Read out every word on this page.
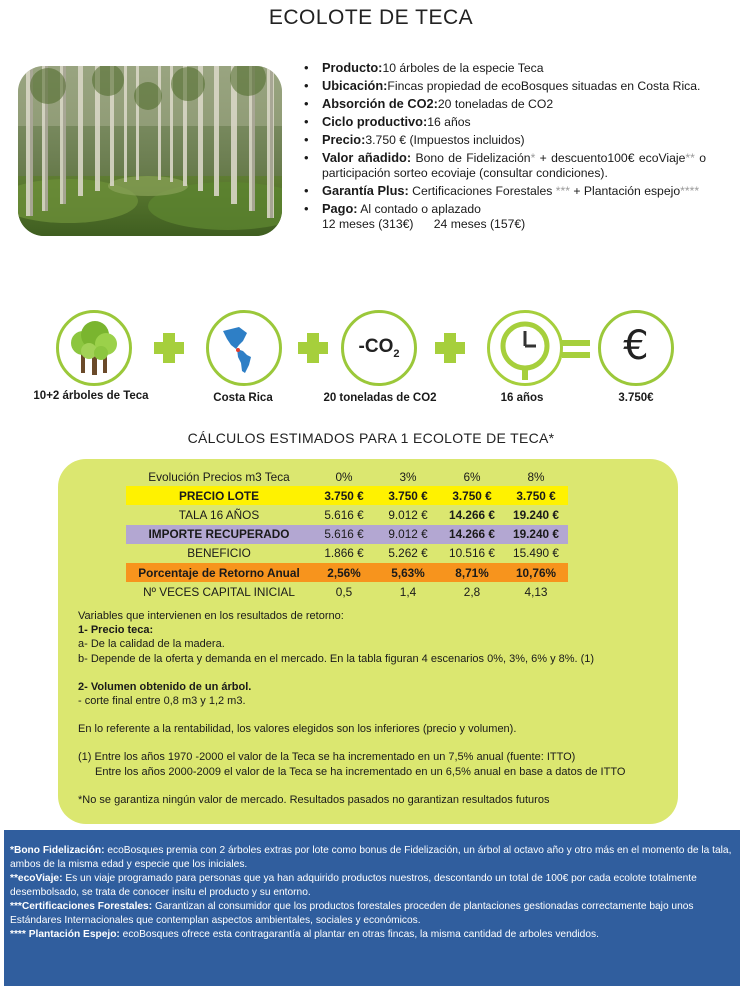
ECOLOTE DE TECA
• Producto:10 árboles de la especie Teca
• Ubicación:Fincas propiedad de ecoBosques situadas en Costa Rica.
• Absorción de CO2:20 toneladas de CO2
• Ciclo productivo:16 años
• Precio:3.750 € (Impuestos incluidos)
• Valor añadido: Bono de Fidelización* + descuento100€ ecoViaje** o participación sorteo ecoviaje (consultar condiciones).
• Garantía Plus: Certificaciones Forestales *** + Plantación espejo****
• Pago: Al contado o aplazado
12 meses (313€)      24 meses (157€)
$-CO_2$	€
10+2 árboles de Teca	Costa Rica	20 toneladas de CO2	16 años	3.750€
CÁLCULOS ESTIMADOS PARA 1 ECOLOTE DE TECA*
Evolución Precios m3 Teca	0%	3%	6%	8%
PRECIO LOTE	3.750 €	3.750 €	3.750 €	3.750 €
TALA 16 AÑOS	5.616 €	9.012 €	14.266 €	19.240 €
IMPORTE RECUPERADO	5.616 €	9.012 €	14.266 €	19.240 €
BENEFICIO	1.866 €	5.262 €	10.516 €	15.490 €
Porcentaje de Retorno Anual	2,56%	5,63%	8,71%	10,76%
Nº VECES CAPITAL INICIAL	0,5	1,4	2,8	4,13

Variables que intervienen en los resultados de retorno:

1- Precio teca:

a- De la calidad de la madera.

b- Depende de la oferta y demanda en el mercado. En la tabla figuran 4 escenarios 0%, 3%, 6% y 8%. (1)

2- Volumen obtenido de un árbol.

- corte final entre 0,8 m3 y 1,2 m3.

En lo referente a la rentabilidad, los valores elegidos son los inferiores (precio y volumen).

(1) Entre los años 1970 -2000 el valor de la Teca se ha incrementado en un 7,5% anual (fuente: ITTO)

Entre los años 2000-2009 el valor de la Teca se ha incrementado en un 6,5% anual en base a datos de ITTO

*No se garantiza ningún valor de mercado. Resultados pasados no garantizan resultados futuros

*Bono Fidelización: ecoBosques premia con 2 árboles extras por lote como bonus de Fidelización, un árbol al octavo año y otro más en el momento de la tala, ambos de la misma edad y especie que los iniciales.

**ecoViaje: Es un viaje programado para personas que ya han adquirido productos nuestros, descontando un total de 100€ por cada ecolote totalmente desembolsado, se trata de conocer insitu el producto y su entorno.

***Certificaciones Forestales: Garantizan al consumidor que los productos forestales proceden de plantaciones gestionadas correctamente bajo unos Estándares Internacionales que contemplan aspectos ambientales, sociales y económicos.

**** Plantación Espejo: ecoBosques ofrece esta contragarantía al plantar en otras fincas, la misma cantidad de arboles vendidos.
